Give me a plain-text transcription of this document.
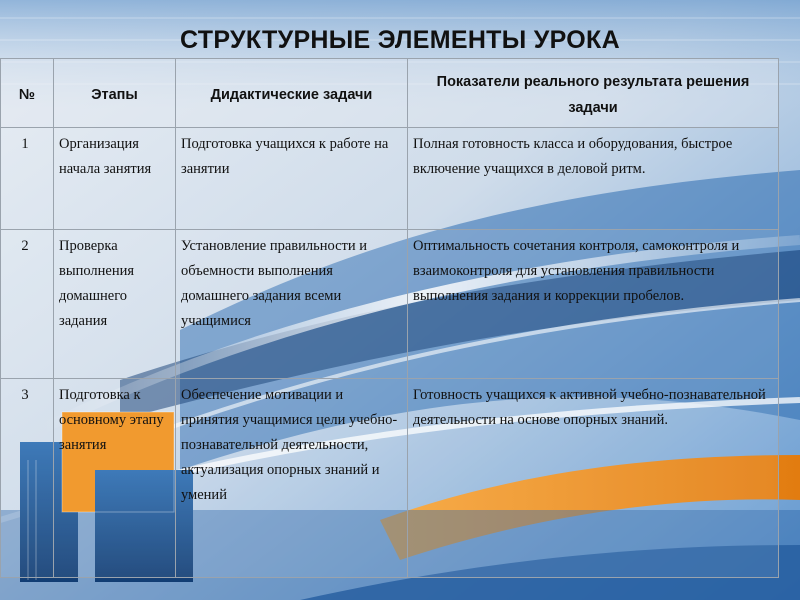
СТРУКТУРНЫЕ ЭЛЕМЕНТЫ УРОКА
№	Этапы	Дидактические задачи	Показатели реального результата решения задачи
1	Организация начала занятия	Подготовка учащихся к работе на занятии	Полная готовность класса и оборудования, быстрое включение учащихся в деловой ритм.
2	Проверка выполнения домашнего задания	Установление правильности и объемности выполнения домашнего задания всеми учащимися	Оптимальность сочетания контроля, самоконтроля и взаимоконтроля для установления правильности выполнения задания и коррекции пробелов.
3	Подготовка к основному этапу занятия	Обеспечение мотивации и принятия учащимися цели учебно-познавательной деятельности, актуализация опорных знаний и умений	Готовность учащихся к активной учебно-познавательной деятельности на основе опорных знаний.
